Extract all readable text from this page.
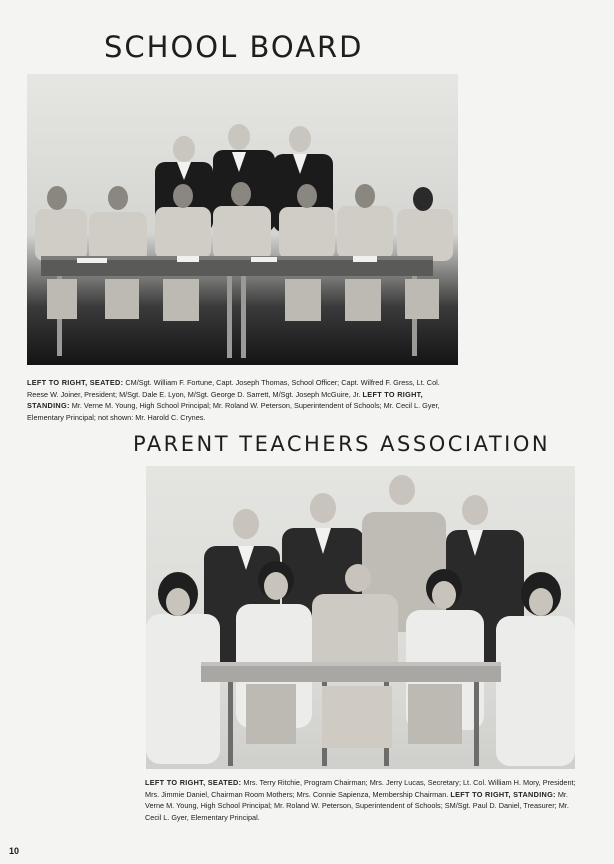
SCHOOL BOARD

LEFT TO RIGHT, SEATED: CM/Sgt. William F. Fortune, Capt. Joseph Thomas, School Officer; Capt. Wilfred F. Gress, Lt. Col. Reese W. Joiner, President; M/Sgt. Dale E. Lyon, M/Sgt. George D. Sarrett, M/Sgt. Joseph McGuire, Jr. LEFT TO RIGHT, STANDING: Mr. Verne M. Young, High School Principal; Mr. Roland W. Peterson, Superintendent of Schools; Mr. Cecil L. Gyer, Elementary Principal; not shown: Mr. Harold C. Crynes.

PARENT TEACHERS ASSOCIATION

LEFT TO RIGHT, SEATED: Mrs. Terry Ritchie, Program Chairman; Mrs. Jerry Lucas, Secretary; Lt. Col. William H. Mory, President; Mrs. Jimmie Daniel, Chairman Room Mothers; Mrs. Connie Sapienza, Membership Chairman. LEFT TO RIGHT, STANDING: Mr. Verne M. Young, High School Principal; Mr. Roland W. Peterson, Superintendent of Schools; SM/Sgt. Paul D. Daniel, Treasurer; Mr. Cecil L. Gyer, Elementary Principal.

10
